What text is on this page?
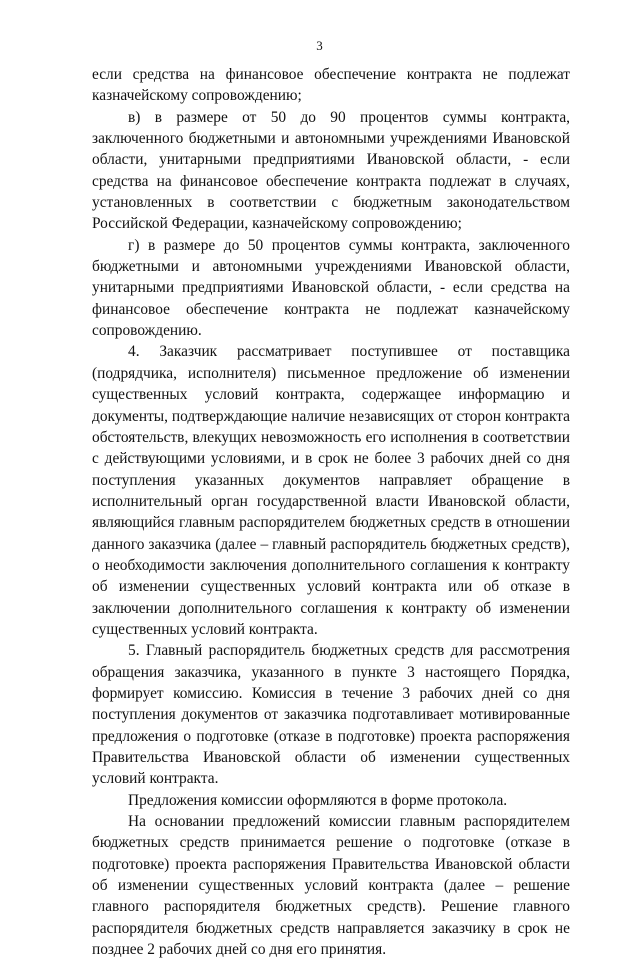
3

если средства на финансовое обеспечение контракта не подлежат казначейскому сопровождению;

в) в размере от 50 до 90 процентов суммы контракта, заключенного бюджетными и автономными учреждениями Ивановской области, унитарными предприятиями Ивановской области, - если средства на финансовое обеспечение контракта подлежат в случаях, установленных в соответствии с бюджетным законодательством Российской Федерации, казначейскому сопровождению;

г) в размере до 50 процентов суммы контракта, заключенного бюджетными и автономными учреждениями Ивановской области, унитарными предприятиями Ивановской области, - если средства на финансовое обеспечение контракта не подлежат казначейскому сопровождению.

4. Заказчик рассматривает поступившее от поставщика (подрядчика, исполнителя) письменное предложение об изменении существенных условий контракта, содержащее информацию и документы, подтверждающие наличие независящих от сторон контракта обстоятельств, влекущих невозможность его исполнения в соответствии с действующими условиями, и в срок не более 3 рабочих дней со дня поступления указанных документов направляет обращение в исполнительный орган государственной власти Ивановской области, являющийся главным распорядителем бюджетных средств в отношении данного заказчика (далее – главный распорядитель бюджетных средств), о необходимости заключения дополнительного соглашения к контракту об изменении существенных условий контракта или об отказе в заключении дополнительного соглашения к контракту об изменении существенных условий контракта.

5. Главный распорядитель бюджетных средств для рассмотрения обращения заказчика, указанного в пункте 3 настоящего Порядка, формирует комиссию. Комиссия в течение 3 рабочих дней со дня поступления документов от заказчика подготавливает мотивированные предложения о подготовке (отказе в подготовке) проекта распоряжения Правительства Ивановской области об изменении существенных условий контракта.

Предложения комиссии оформляются в форме протокола.

На основании предложений комиссии главным распорядителем бюджетных средств принимается решение о подготовке (отказе в подготовке) проекта распоряжения Правительства Ивановской области об изменении существенных условий контракта (далее – решение главного распорядителя бюджетных средств). Решение главного распорядителя бюджетных средств направляется заказчику в срок не позднее 2 рабочих дней со дня его принятия.
